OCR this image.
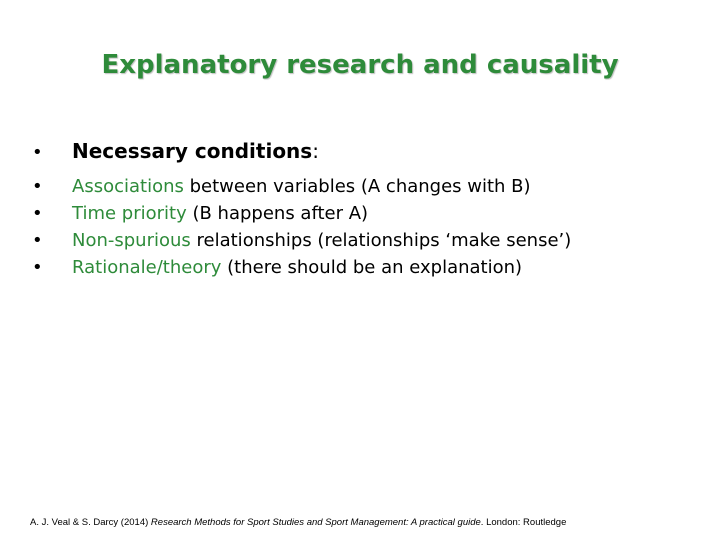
Explanatory research and causality
•	Necessary conditions :
•	Associations between variables (A changes with B)
•	Time priority (B happens after A)
•	Non-spurious relationships (relationships ‘make sense’)
•	Rationale/theory (there should be an explanation)
A. J. Veal & S. Darcy (2014) Research Methods for Sport Studies and Sport Management: A practical guide. London: Routledge
